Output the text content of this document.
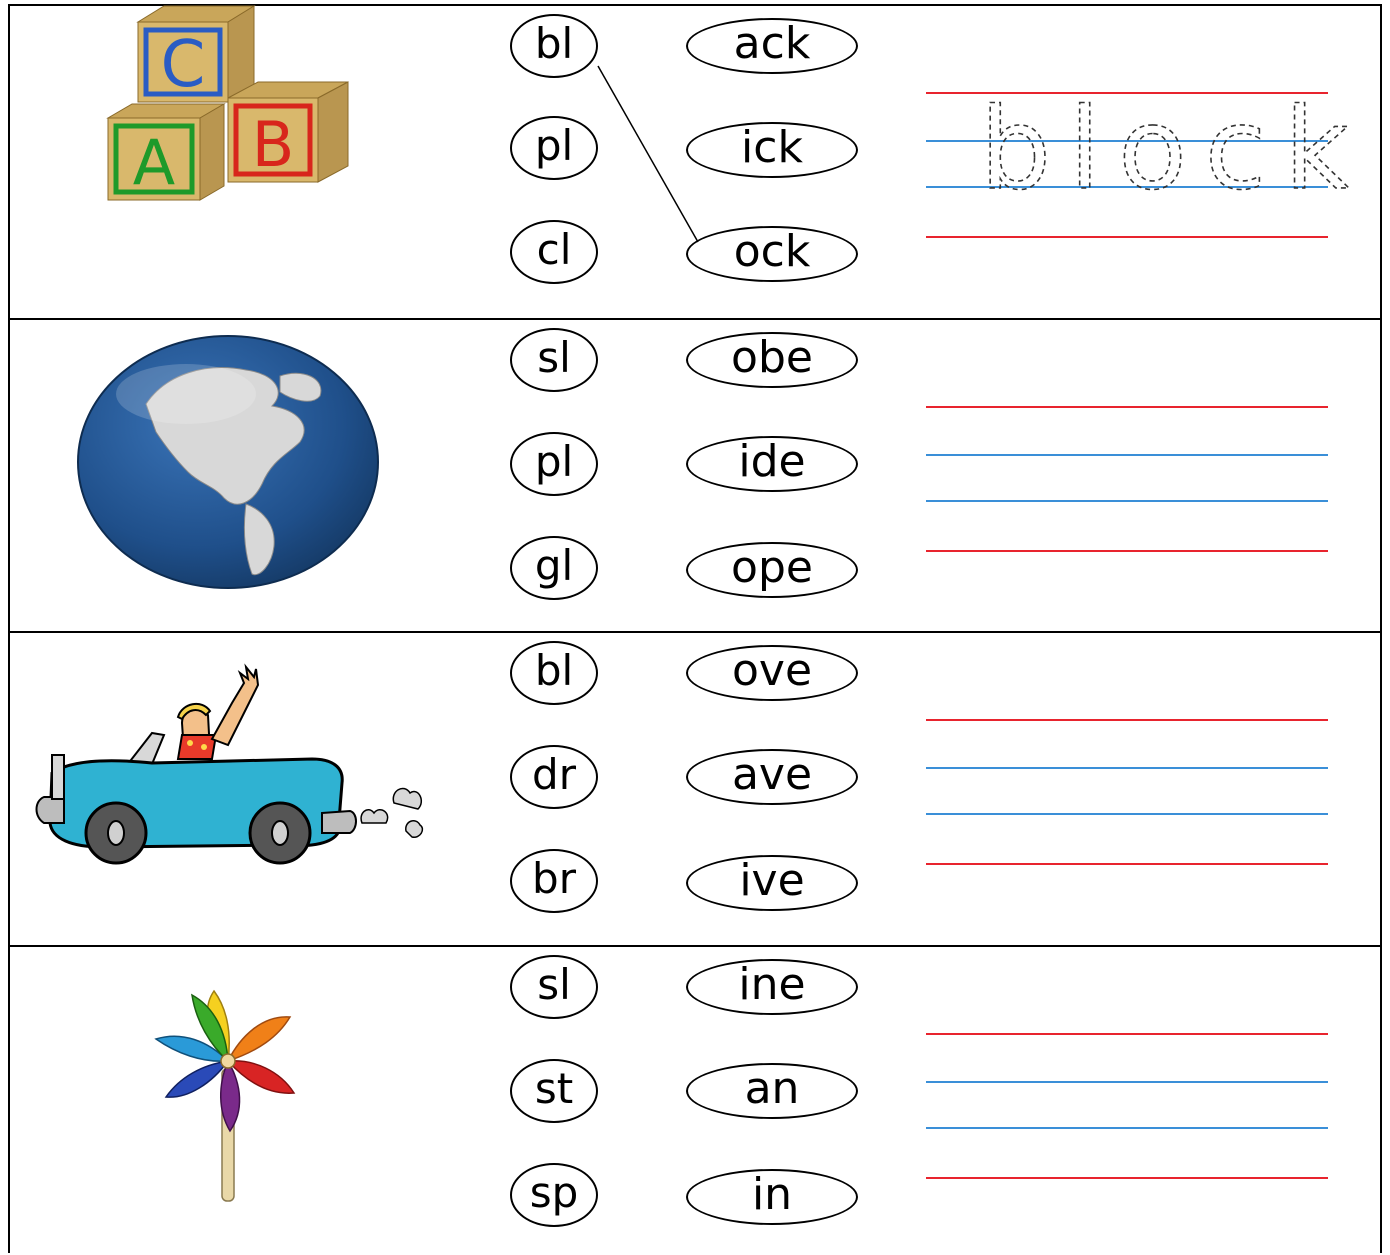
C
A B
bl
pl
cl
ack
ick
ock
block
sl
pl
gl
obe
ide
ope
bl
dr
br
ove
ave
ive
sl
st
sp
ine
an
in
